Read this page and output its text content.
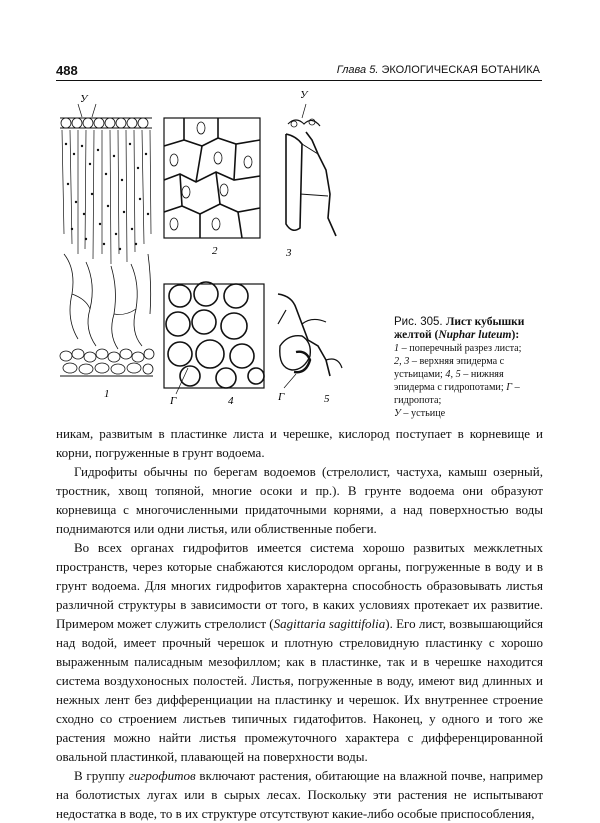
488	Глава 5. ЭКОЛОГИЧЕСКАЯ БОТАНИКА
У	У
1
2	3
4	5
Г	Г
Рис. 305. Лист кубышки желтой (Nuphar luteum):
1 – поперечный разрез листа;
2, 3 – верхняя эпидерма с устьицами; 4, 5 – нижняя эпидерма с гидропотами; Г – гидропота;
У – устьице

никам, развитым в пластинке листа и черешке, кислород поступает в корневище и корни, погруженные в грунт водоема.

Гидрофиты обычны по берегам водоемов (стрелолист, частуха, камыш озерный, тростник, хвощ топяной, многие осоки и пр.). В грунте водоема они образуют корневища с многочисленными придаточными корнями, а над поверхностью воды поднимаются или одни листья, или облиственные побеги.

Во всех органах гидрофитов имеется система хорошо развитых межклетных пространств, через которые снабжаются кислородом органы, погруженные в воду и в грунт водоема. Для многих гидрофитов характерна способность образовывать листья различной структуры в зависимости от того, в каких условиях протекает их развитие. Примером может служить стрелолист (Sagittaria sagittifolia). Его лист, возвышающийся над водой, имеет прочный черешок и плотную стреловидную пластинку с хорошо выраженным палисадным мезофиллом; как в пластинке, так и в черешке находится система воздухоносных полостей. Листья, погруженные в воду, имеют вид длинных и нежных лент без дифференциации на пластинку и черешок. Их внутреннее строение сходно со строением листьев типичных гидатофитов. Наконец, у одного и того же растения можно найти листья промежуточного характера с дифференцированной овальной пластинкой, плавающей на поверхности воды.

В группу гигрофитов включают растения, обитающие на влажной почве, например на болотистых лугах или в сырых лесах. Поскольку эти растения не испытывают недостатка в воде, то в их структуре отсутствуют какие-либо особые приспособления,
